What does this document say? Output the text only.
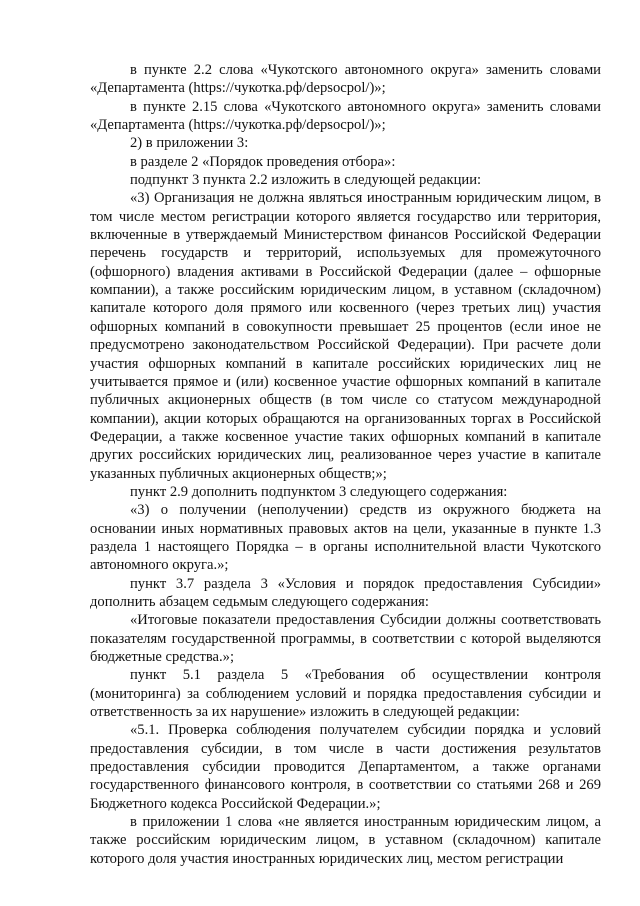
в пункте 2.2 слова «Чукотского автономного округа» заменить словами «Департамента (https://чукотка.рф/depsocpol/)»;

в пункте 2.15 слова «Чукотского автономного округа» заменить словами «Департамента (https://чукотка.рф/depsocpol/)»;

2) в приложении 3:

в разделе 2 «Порядок проведения отбора»:

подпункт 3 пункта 2.2 изложить в следующей редакции:

«3) Организация не должна являться иностранным юридическим лицом, в том числе местом регистрации которого является государство или территория, включенные в утверждаемый Министерством финансов Российской Федерации перечень государств и территорий, используемых для промежуточного (офшорного) владения активами в Российской Федерации (далее – офшорные компании), а также российским юридическим лицом, в уставном (складочном) капитале которого доля прямого или косвенного (через третьих лиц) участия офшорных компаний в совокупности превышает 25 процентов (если иное не предусмотрено законодательством Российской Федерации). При расчете доли участия офшорных компаний в капитале российских юридических лиц не учитывается прямое и (или) косвенное участие офшорных компаний в капитале публичных акционерных обществ (в том числе со статусом международной компании), акции которых обращаются на организованных торгах в Российской Федерации, а также косвенное участие таких офшорных компаний в капитале других российских юридических лиц, реализованное через участие в капитале указанных публичных акционерных обществ;»;

пункт 2.9 дополнить подпунктом 3 следующего содержания:

«3) о получении (неполучении) средств из окружного бюджета на основании иных нормативных правовых актов на цели, указанные в пункте 1.3 раздела 1 настоящего Порядка – в органы исполнительной власти Чукотского автономного округа.»;

пункт 3.7 раздела 3 «Условия и порядок предоставления Субсидии» дополнить абзацем седьмым следующего содержания:

«Итоговые показатели предоставления Субсидии должны соответствовать показателям государственной программы, в соответствии с которой выделяются бюджетные средства.»;

пункт 5.1 раздела 5 «Требования об осуществлении контроля (мониторинга) за соблюдением условий и порядка предоставления субсидии и ответственность за их нарушение» изложить в следующей редакции:

«5.1. Проверка соблюдения получателем субсидии порядка и условий предоставления субсидии, в том числе в части достижения результатов предоставления субсидии проводится Департаментом, а также органами государственного финансового контроля, в соответствии со статьями 268 и 269 Бюджетного кодекса Российской Федерации.»;

в приложении 1 слова «не является иностранным юридическим лицом, а также российским юридическим лицом, в уставном (складочном) капитале которого доля участия иностранных юридических лиц, местом регистрации
